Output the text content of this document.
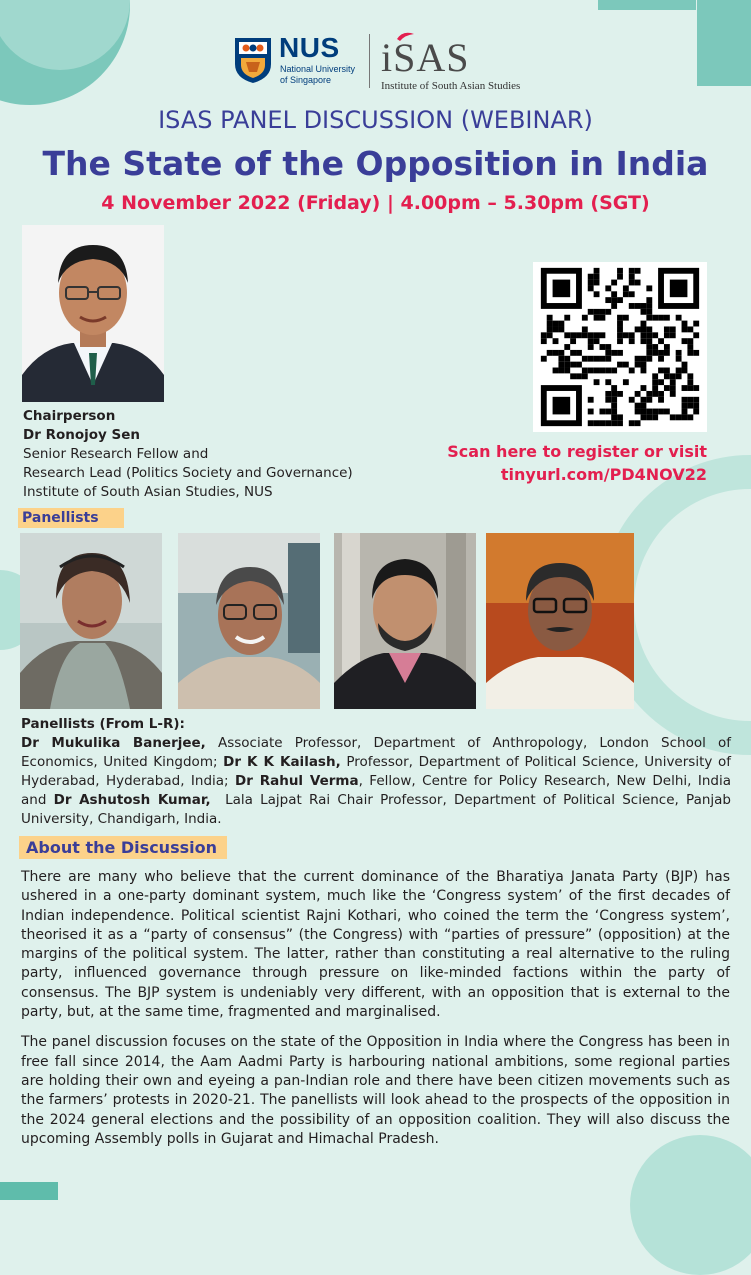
NUS
National University
of Singapore	iSAS
Institute of South Asian Studies
ISAS PANEL DISCUSSION (WEBINAR)
The State of the Opposition in India
4 November 2022 (Friday) | 4.00pm – 5.30pm (SGT)
Chairperson
Dr Ronojoy Sen
Senior Research Fellow and
Research Lead (Politics Society and Governance)
Institute of South Asian Studies, NUS
Scan here to register or visit
tinyurl.com/PD4NOV22
Panellists
Panellists (From L-R):
Dr Mukulika Banerjee, Associate Professor, Department of Anthropology, London School of Economics, United Kingdom; Dr K K Kailash, Professor, Department of Political Science, University of Hyderabad, Hyderabad, India; Dr Rahul Verma, Fellow, Centre for Policy Research, New Delhi, India and Dr Ashutosh Kumar,  Lala Lajpat Rai Chair Professor, Department of Political Science, Panjab University, Chandigarh, India.
About the Discussion

There are many who believe that the current dominance of the Bharatiya Janata Party (BJP) has ushered in a one-party dominant system, much like the ‘Congress system’ of the first decades of Indian independence. Political scientist Rajni Kothari, who coined the term the ‘Congress system’, theorised it as a “party of consensus” (the Congress) with “parties of pressure” (opposition) at the margins of the political system. The latter, rather than constituting a real alternative to the ruling party, influenced governance through pressure on like-minded factions within the party of consensus. The BJP system is undeniably very different, with an opposition that is external to the party, but, at the same time, fragmented and marginalised.

The panel discussion focuses on the state of the Opposition in India where the Congress has been in free fall since 2014, the Aam Aadmi Party is harbouring national ambitions, some regional parties are holding their own and eyeing a pan-Indian role and there have been citizen movements such as the farmers’ protests in 2020-21. The panellists will look ahead to the prospects of the opposition in the 2024 general elections and the possibility of an opposition coalition. They will also discuss the upcoming Assembly polls in Gujarat and Himachal Pradesh.
